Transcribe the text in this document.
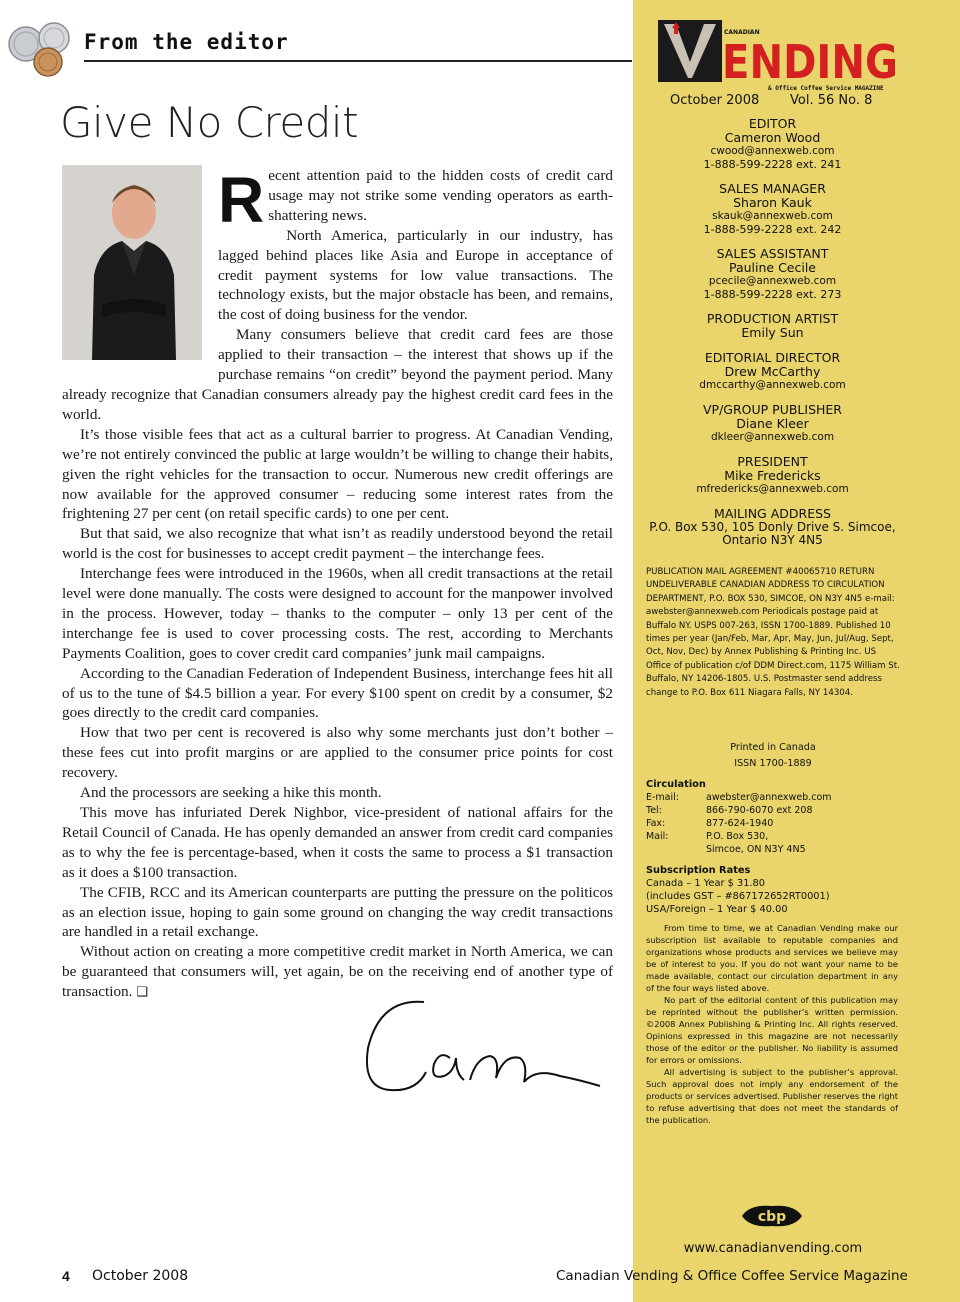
From the editor
Give No Credit

Recent attention paid to the hidden costs of credit card usage may not strike some vending operators as earth-shattering news.

North America, particularly in our industry, has lagged behind places like Asia and Europe in acceptance of credit payment systems for low value transactions. The technology exists, but the major obstacle has been, and remains, the cost of doing business for the vendor.

Many consumers believe that credit card fees are those applied to their transaction – the interest that shows up if the purchase remains “on credit” beyond the payment period. Many already recognize that Canadian consumers already pay the highest credit card fees in the world.

It’s those visible fees that act as a cultural barrier to progress. At Canadian Vending, we’re not entirely convinced the public at large wouldn’t be willing to change their habits, given the right vehicles for the transaction to occur. Numerous new credit offerings are now available for the approved consumer – reducing some interest rates from the frightening 27 per cent (on retail specific cards) to one per cent.

But that said, we also recognize that what isn’t as readily understood beyond the retail world is the cost for businesses to accept credit payment – the interchange fees.

Interchange fees were introduced in the 1960s, when all credit transactions at the retail level were done manually. The costs were designed to account for the manpower involved in the process. However, today – thanks to the computer – only 13 per cent of the interchange fee is used to cover processing costs. The rest, according to Merchants Payments Coalition, goes to cover credit card companies’ junk mail campaigns.

According to the Canadian Federation of Independent Business, interchange fees hit all of us to the tune of $4.5 billion a year. For every $100 spent on credit by a consumer, $2 goes directly to the credit card companies.

How that two per cent is recovered is also why some merchants just don’t bother – these fees cut into profit margins or are applied to the consumer price points for cost recovery.

And the processors are seeking a hike this month.

This move has infuriated Derek Nighbor, vice-president of national affairs for the Retail Council of Canada. He has openly demanded an answer from credit card companies as to why the fee is percentage-based, when it costs the same to process a $1 transaction as it does a $100 transaction.

The CFIB, RCC and its American counterparts are putting the pressure on the politicos as an election issue, hoping to gain some ground on changing the way credit transactions are handled in a retail exchange.

Without action on creating a more competitive credit market in North America, we can be guaranteed that consumers will, yet again, be on the receiving end of another type of transaction. ❏

4 October 2008
CANADIAN
ENDING
& Office Coffee Service MAGAZINE
October 2008 Vol. 56 No. 8
EDITOR
Cameron Wood
cwood@annexweb.com
1-888-599-2228 ext. 241
SALES MANAGER
Sharon Kauk
skauk@annexweb.com
1-888-599-2228 ext. 242
SALES ASSISTANT
Pauline Cecile
pcecile@annexweb.com
1-888-599-2228 ext. 273
PRODUCTION ARTIST
Emily Sun
EDITORIAL DIRECTOR
Drew McCarthy
dmccarthy@annexweb.com
VP/GROUP PUBLISHER
Diane Kleer
dkleer@annexweb.com
PRESIDENT
Mike Fredericks
mfredericks@annexweb.com
MAILING ADDRESS
P.O. Box 530, 105 Donly Drive S. Simcoe,
Ontario N3Y 4N5
PUBLICATION MAIL AGREEMENT #40065710 RETURN UNDELIVERABLE CANADIAN ADDRESS TO CIRCULATION DEPARTMENT, P.O. BOX 530, SIMCOE, ON N3Y 4N5 e-mail: awebster@annexweb.com Periodicals postage paid at Buffalo NY. USPS 007-263, ISSN 1700-1889. Published 10 times per year (Jan/Feb, Mar, Apr, May, Jun, Jul/Aug, Sept, Oct, Nov, Dec) by Annex Publishing & Printing Inc. US Office of publication c/of DDM Direct.com, 1175 William St. Buffalo, NY 14206-1805. U.S. Postmaster send address change to P.O. Box 611 Niagara Falls, NY 14304.
Printed in Canada
ISSN 1700-1889
Circulation
E-mail:	awebster@annexweb.com
Tel:	866-790-6070 ext 208
Fax:	877-624-1940
Mail:	P.O. Box 530,
Simcoe, ON N3Y 4N5
Subscription Rates
Canada – 1 Year $ 31.80
(includes GST – #867172652RT0001)
USA/Foreign – 1 Year $ 40.00

From time to time, we at Canadian Vending make our subscription list available to reputable companies and organizations whose products and services we believe may be of interest to you. If you do not want your name to be made available, contact our circulation department in any of the four ways listed above.

No part of the editorial content of this publication may be reprinted without the publisher’s written permission. ©2008 Annex Publishing & Printing Inc. All rights reserved. Opinions expressed in this magazine are not necessarily those of the editor or the publisher. No liability is assumed for errors or omissions.

All advertising is subject to the publisher’s approval. Such approval does not imply any endorsement of the products or services advertised. Publisher reserves the right to refuse advertising that does not meet the standards of the publication.

cbp
www.canadianvending.com
Canadian Vending & Office Coffee Service Magazine
